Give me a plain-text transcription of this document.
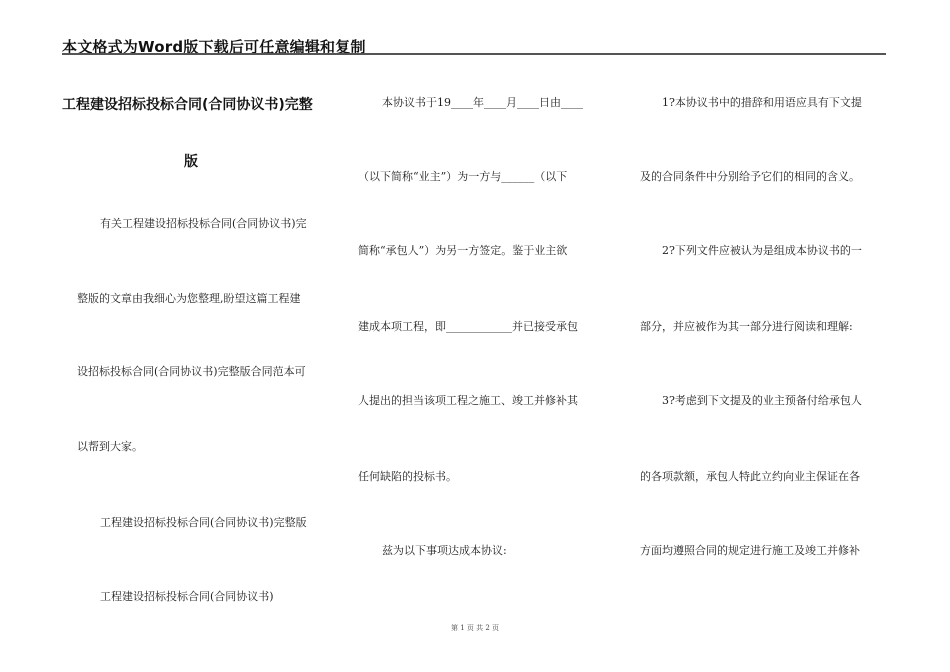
本文格式为Word版下载后可任意编辑和复制
工程建设招标投标合同(合同协议书)完整
版
有关工程建设招标投标合同(合同协议书)完
整版的文章由我细心为您整理,盼望这篇工程建
设招标投标合同(合同协议书)完整版合同范本可
以帮到大家。
工程建设招标投标合同(合同协议书)完整版
工程建设招标投标合同(合同协议书)
本协议书于19____年____月____日由____
（以下简称“业主”）为一方与______（以下
简称“承包人”）为另一方签定。鉴于业主欲
建成本项工程，即____________并已接受承包
人提出的担当该项工程之施工、竣工并修补其
任何缺陷的投标书。
兹为以下事项达成本协议:
1?本协议书中的措辞和用语应具有下文提
及的合同条件中分别给予它们的相同的含义。
2?下列文件应被认为是组成本协议书的一
部分，并应被作为其一部分进行阅读和理解:
3?考虑到下文提及的业主预备付给承包人
的各项款额，承包人特此立约向业主保证在各
方面均遵照合同的规定进行施工及竣工并修补
第 1 页 共 2 页
